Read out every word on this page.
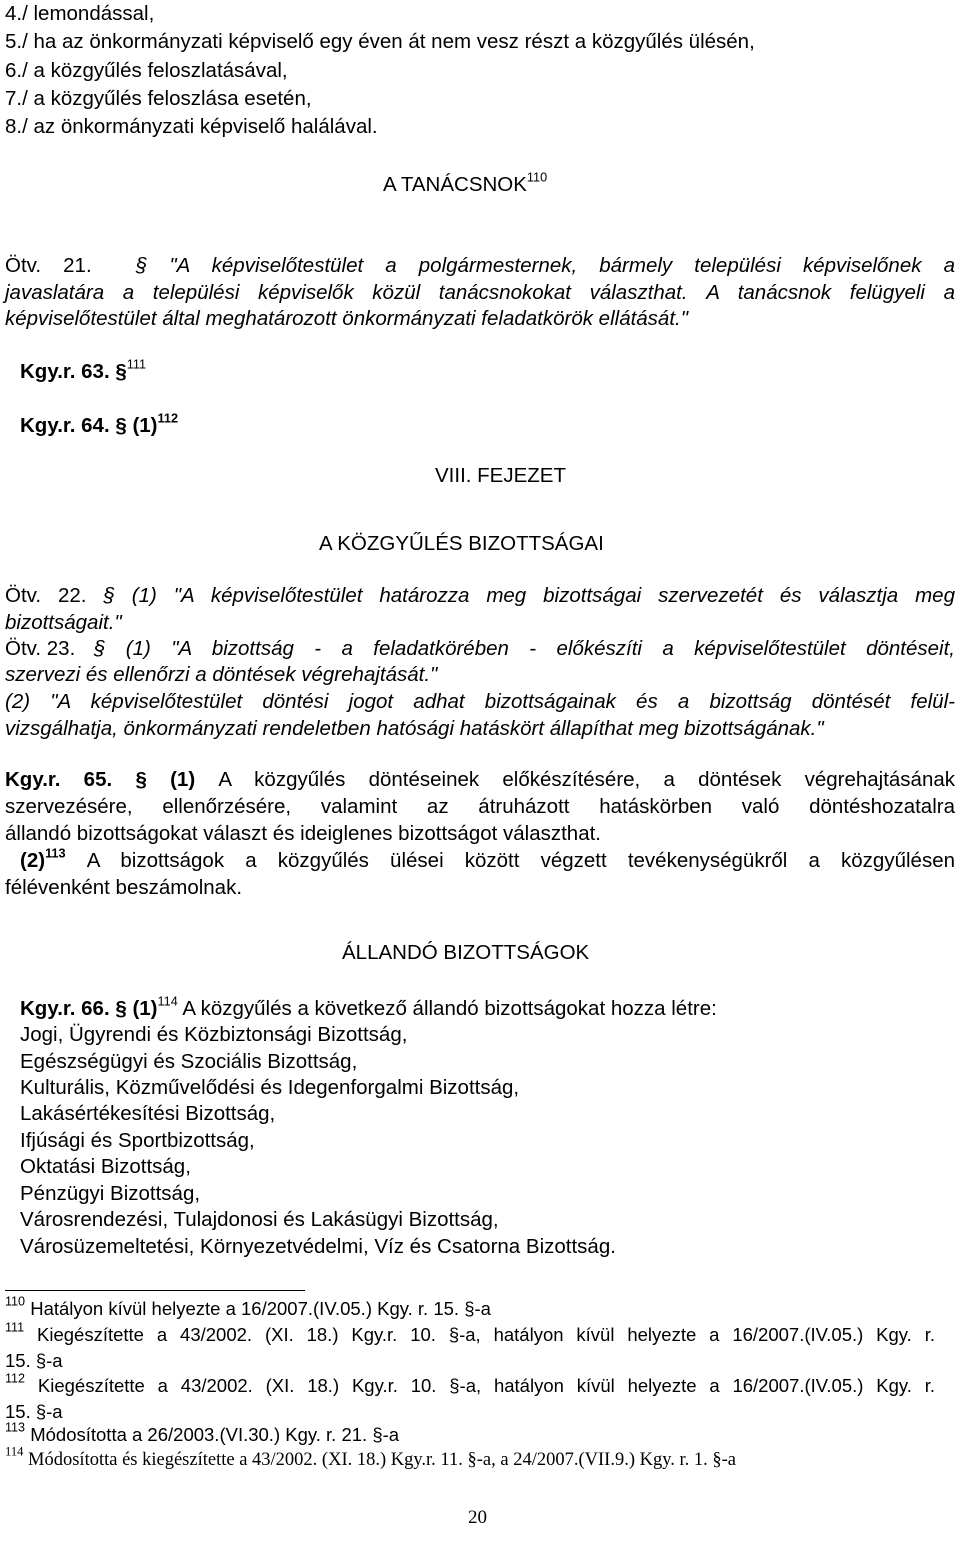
4./ lemondással,
5./ ha az önkormányzati képviselő egy éven át nem vesz részt a közgyűlés ülésén,
6./ a közgyűlés feloszlatásával,
7./ a közgyűlés feloszlása esetén,
8./ az önkormányzati képviselő halálával.
A TANÁCSNOK$^{110}$
Ötv. 21. § "A képviselőtestület a polgármesternek, bármely települési képviselőnek a
javaslatára a települési képviselők közül tanácsnokokat választhat. A tanácsnok felügyeli a
képviselőtestület által meghatározott önkormányzati feladatkörök ellátását."
Kgy.r. 63. §$^{111}$
Kgy.r. 64. § $(1)^{112}$
VIII. FEJEZET
A KÖZGYŰLÉS BIZOTTSÁGAI
Ötv. 22. § (1) "A képviselőtestület határozza meg bizottságai szervezetét és választja meg
bizottságait."
Ötv. 23. § (1) "A bizottság - a feladatkörében - előkészíti a képviselőtestület döntéseit,
szervezi és ellenőrzi a döntések végrehajtását."
(2) "A képviselőtestület döntési jogot adhat bizottságainak és a bizottság döntését felül-
vizsgálhatja, önkormányzati rendeletben hatósági hatáskört állapíthat meg bizottságának."
Kgy.r. 65. § (1) A közgyűlés döntéseinek előkészítésére, a döntések végrehajtásának
szervezésére, ellenőrzésére, valamint az átruházott hatáskörben való döntéshozatalra
állandó bizottságokat választ és ideiglenes bizottságot választhat.
$(2)^{113}$ A bizottságok a közgyűlés ülései között végzett tevékenységükről a közgyűlésen
félévenként beszámolnak.
ÁLLANDÓ BIZOTTSÁGOK
Kgy.r. 66. § $(1)^{114}$ A közgyűlés a következő állandó bizottságokat hozza létre:
Jogi, Ügyrendi és Közbiztonsági Bizottság,
Egészségügyi és Szociális Bizottság,
Kulturális, Közművelődési és Idegenforgalmi Bizottság,
Lakásértékesítési Bizottság,
Ifjúsági és Sportbizottság,
Oktatási Bizottság,
Pénzügyi Bizottság,
Városrendezési, Tulajdonosi és Lakásügyi Bizottság,
Városüzemeltetési, Környezetvédelmi, Víz és Csatorna Bizottság.
$^{110}$ Hatályon kívül helyezte a 16/2007.(IV.05.) Kgy. r. 15. §-a
$^{111}$ Kiegészítette a 43/2002. (XI. 18.) Kgy.r. 10. §-a, hatályon kívül helyezte a 16/2007.(IV.05.) Kgy. r.
15. §-a
$^{112}$ Kiegészítette a 43/2002. (XI. 18.) Kgy.r. 10. §-a, hatályon kívül helyezte a 16/2007.(IV.05.) Kgy. r.
15. §-a
$^{113}$ Módosította a 26/2003.(VI.30.) Kgy. r. 21. §-a
$^{114}$ Módosította és kiegészítette a 43/2002. (XI. 18.) Kgy.r. 11. §-a, a 24/2007.(VII.9.) Kgy. r. 1. §-a
20
